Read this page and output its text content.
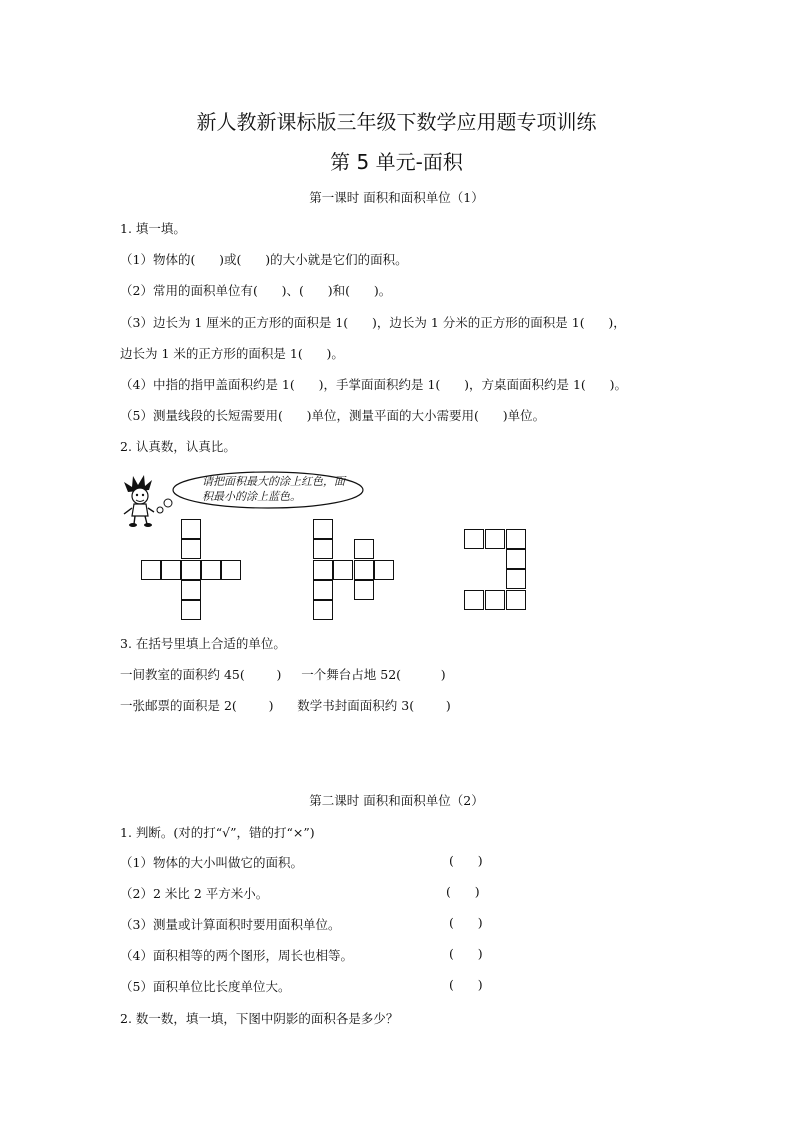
新人教新课标版三年级下数学应用题专项训练
第 5 单元-面积
第一课时 面积和面积单位（1）
1. 填一填。
（1）物体的(      )或(      )的大小就是它们的面积。
（2）常用的面积单位有(      )、(      )和(      )。
（3）边长为 1 厘米的正方形的面积是 1(      )，边长为 1 分米的正方形的面积是 1(      )，
边长为 1 米的正方形的面积是 1(      )。
（4）中指的指甲盖面积约是 1(      )，手掌面面积约是 1(      )，方桌面面积约是 1(      )。
（5）测量线段的长短需要用(      )单位，测量平面的大小需要用(      )单位。
2. 认真数，认真比。
请把面积最大的涂上红色，面
积最小的涂上蓝色。
3. 在括号里填上合适的单位。
一间教室的面积约 45(        )     一个舞台占地 52(          )
一张邮票的面积是 2(        )      数学书封面面积约 3(        )
第二课时 面积和面积单位（2）
1. 判断。(对的打“√”，错的打“×”)
（1）物体的大小叫做它的面积。	(      )
（2）2 米比 2 平方米小。	(      )
（3）测量或计算面积时要用面积单位。	(      )
（4）面积相等的两个图形，周长也相等。	(      )
（5）面积单位比长度单位大。	(      )
2. 数一数，填一填，下图中阴影的面积各是多少？
